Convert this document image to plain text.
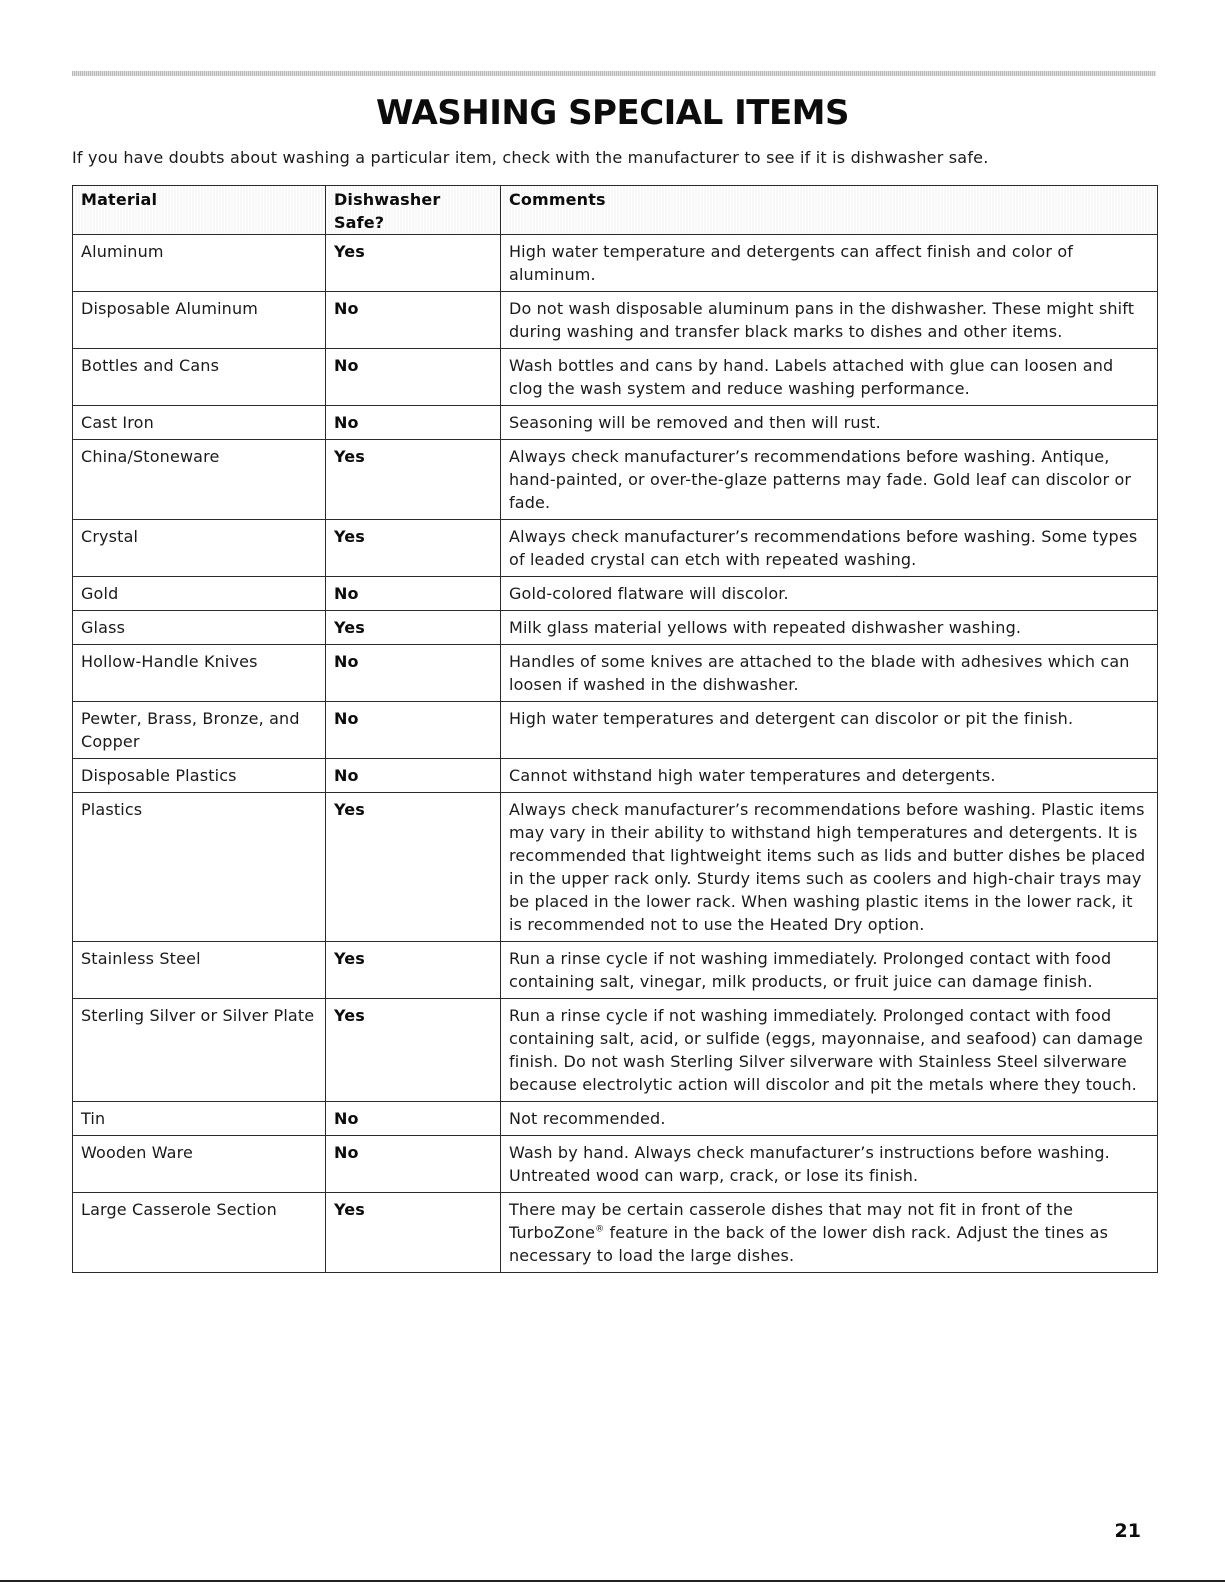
WASHING SPECIAL ITEMS
If you have doubts about washing a particular item, check with the manufacturer to see if it is dishwasher safe.
Material	Dishwasher Safe?	Comments
Aluminum	Yes	High water temperature and detergents can affect finish and color of aluminum.
Disposable Aluminum	No	Do not wash disposable aluminum pans in the dishwasher. These might shift during washing and transfer black marks to dishes and other items.
Bottles and Cans	No	Wash bottles and cans by hand. Labels attached with glue can loosen and clog the wash system and reduce washing performance.
Cast Iron	No	Seasoning will be removed and then will rust.
China/Stoneware	Yes	Always check manufacturer’s recommendations before washing. Antique, hand-painted, or over-the-glaze patterns may fade. Gold leaf can discolor or fade.
Crystal	Yes	Always check manufacturer’s recommendations before washing. Some types of leaded crystal can etch with repeated washing.
Gold	No	Gold-colored flatware will discolor.
Glass	Yes	Milk glass material yellows with repeated dishwasher washing.
Hollow-Handle Knives	No	Handles of some knives are attached to the blade with adhesives which can loosen if washed in the dishwasher.
Pewter, Brass, Bronze, and Copper	No	High water temperatures and detergent can discolor or pit the finish.
Disposable Plastics	No	Cannot withstand high water temperatures and detergents.
Plastics	Yes	Always check manufacturer’s recommendations before washing. Plastic items may vary in their ability to withstand high temperatures and detergents. It is recommended that lightweight items such as lids and butter dishes be placed in the upper rack only. Sturdy items such as coolers and high-chair trays may be placed in the lower rack. When washing plastic items in the lower rack, it is recommended not to use the Heated Dry option.
Stainless Steel	Yes	Run a rinse cycle if not washing immediately. Prolonged contact with food containing salt, vinegar, milk products, or fruit juice can damage finish.
Sterling Silver or Silver Plate	Yes	Run a rinse cycle if not washing immediately. Prolonged contact with food containing salt, acid, or sulfide (eggs, mayonnaise, and seafood) can damage finish. Do not wash Sterling Silver silverware with Stainless Steel silverware because electrolytic action will discolor and pit the metals where they touch.
Tin	No	Not recommended.
Wooden Ware	No	Wash by hand. Always check manufacturer’s instructions before washing. Untreated wood can warp, crack, or lose its finish.
Large Casserole Section	Yes	There may be certain casserole dishes that may not fit in front of the TurboZone® feature in the back of the lower dish rack. Adjust the tines as necessary to load the large dishes.
21
